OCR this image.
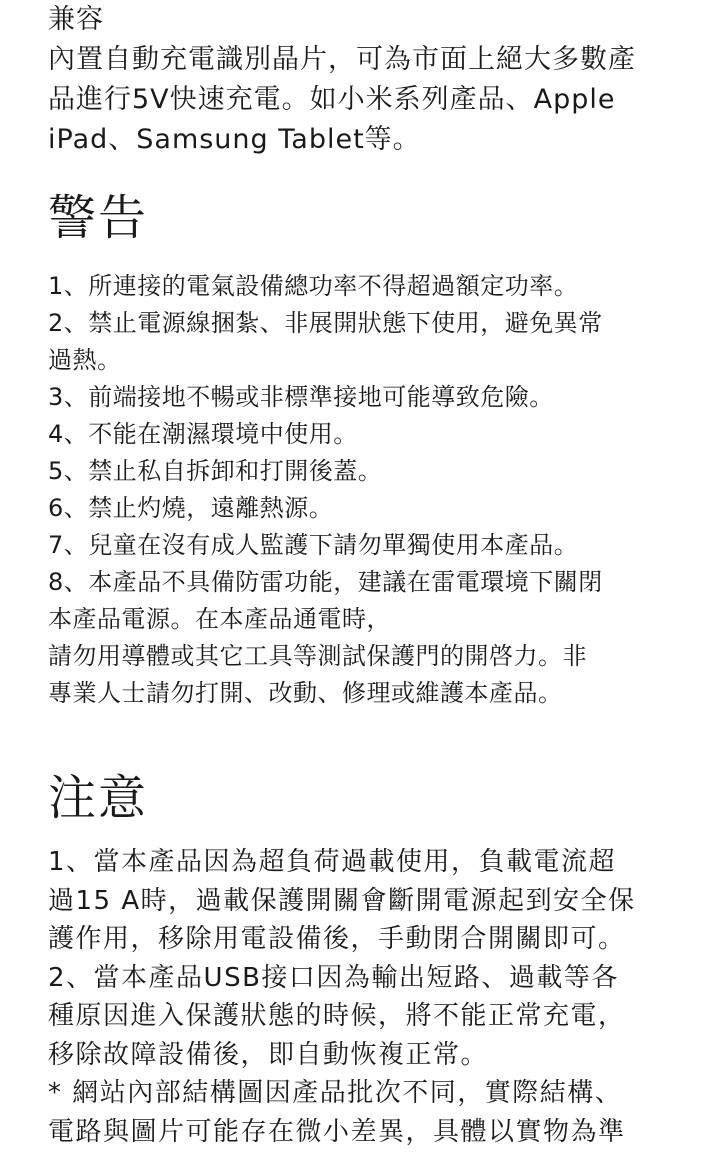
兼容
內置自動充電識別晶片，可為市面上絕大多數產
品進行5V快速充電。如小米系列產品、Apple
iPad、Samsung Tablet等。
警告
1、所連接的電氣設備總功率不得超過額定功率。
2、禁止電源線捆紮、非展開狀態下使用，避免異常
過熱。
3、前端接地不暢或非標準接地可能導致危險。
4、不能在潮濕環境中使用。
5、禁止私自拆卸和打開後蓋。
6、禁止灼燒，遠離熱源。
7、兒童在沒有成人監護下請勿單獨使用本產品。
8、本產品不具備防雷功能，建議在雷電環境下關閉
本產品電源。在本產品通電時，
請勿用導體或其它工具等測試保護門的開啓力。非
專業人士請勿打開、改動、修理或維護本產品。
注意
1、當本產品因為超負荷過載使用，負載電流超
過15 A時，過載保護開關會斷開電源起到安全保
護作用，移除用電設備後，手動閉合開關即可。
2、當本產品USB接口因為輸出短路、過載等各
種原因進入保護狀態的時候，將不能正常充電，
移除故障設備後，即自動恢複正常。
* 網站內部結構圖因產品批次不同，實際結構、
電路與圖片可能存在微小差異，具體以實物為準
